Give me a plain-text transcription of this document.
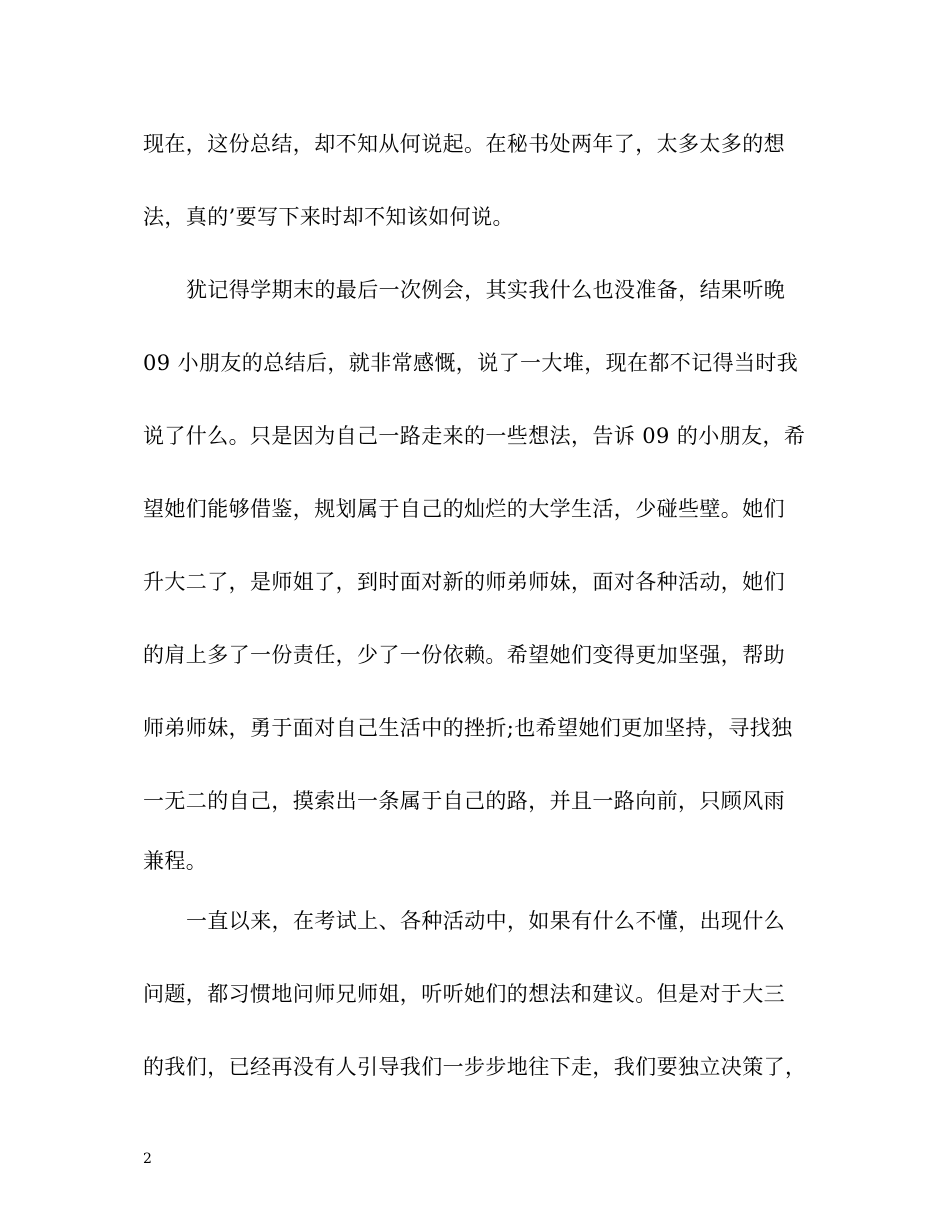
现在，这份总结，却不知从何说起。在秘书处两年了，太多太多的想
法，真的’要写下来时却不知该如何说。
犹记得学期末的最后一次例会，其实我什么也没准备，结果听晚
09 小朋友的总结后，就非常感慨，说了一大堆，现在都不记得当时我
说了什么。只是因为自己一路走来的一些想法，告诉 09 的小朋友，希
望她们能够借鉴，规划属于自己的灿烂的大学生活，少碰些壁。她们
升大二了，是师姐了，到时面对新的师弟师妹，面对各种活动，她们
的肩上多了一份责任，少了一份依赖。希望她们变得更加坚强，帮助
师弟师妹，勇于面对自己生活中的挫折;也希望她们更加坚持，寻找独
一无二的自己，摸索出一条属于自己的路，并且一路向前，只顾风雨
兼程。
一直以来，在考试上、各种活动中，如果有什么不懂，出现什么
问题，都习惯地问师兄师姐，听听她们的想法和建议。但是对于大三
的我们，已经再没有人引导我们一步步地往下走，我们要独立决策了，
2
